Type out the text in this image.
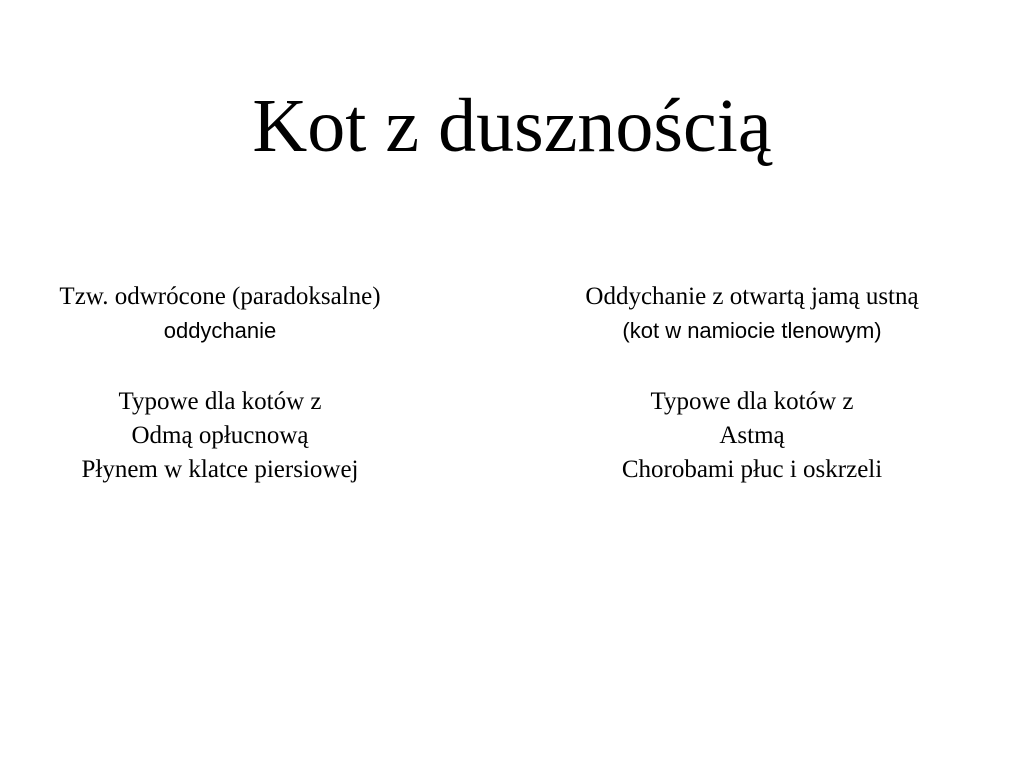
Kot z dusznością
Tzw. odwrócone (paradoksalne)
oddychanie
Typowe dla kotów z
Odmą opłucnową
Płynem w klatce piersiowej
Oddychanie z otwartą jamą ustną
(kot w namiocie tlenowym)
Typowe dla kotów z
Astmą
Chorobami płuc i oskrzeli
